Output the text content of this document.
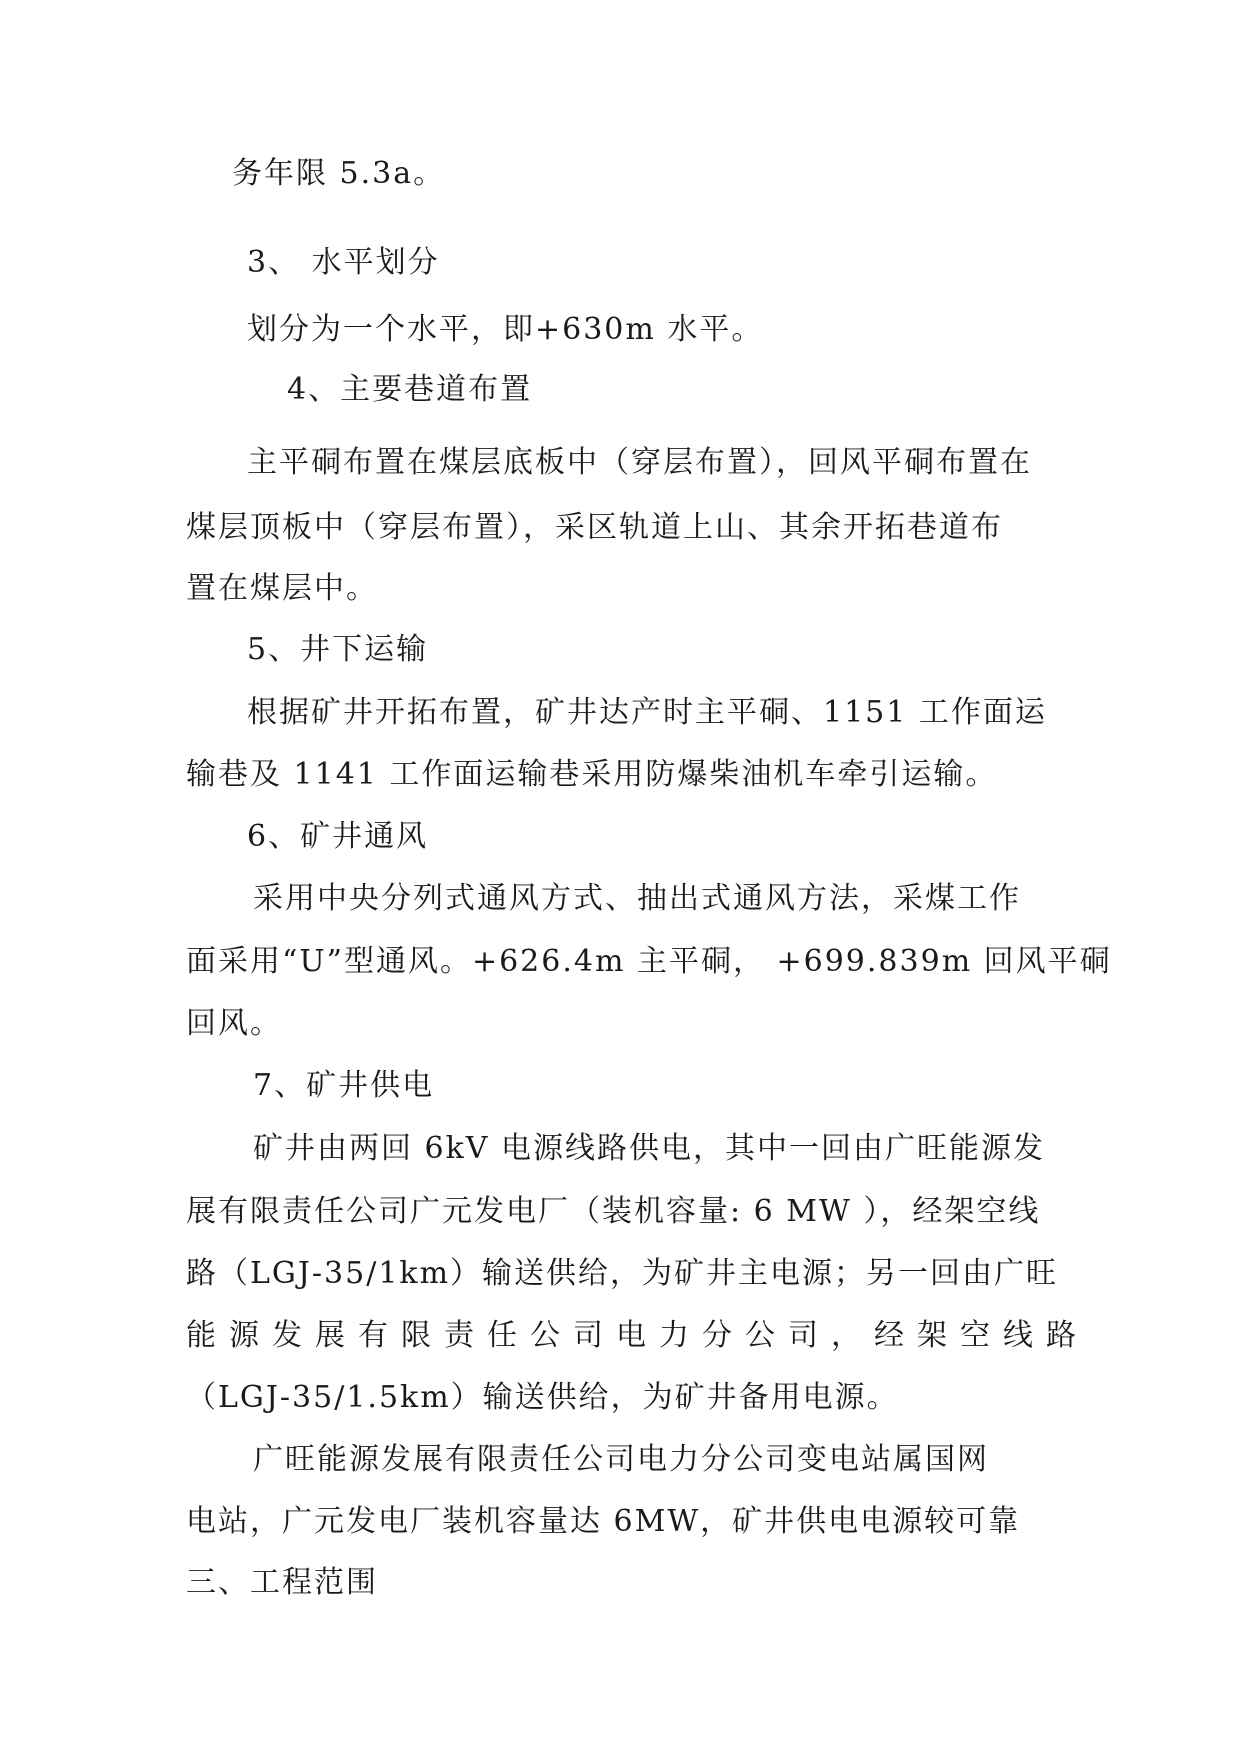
务年限 5.3a。
3、 水平划分
划分为一个水平，即+630m 水平。
4、主要巷道布置
主平硐布置在煤层底板中（穿层布置），回风平硐布置在
煤层顶板中（穿层布置），采区轨道上山、其余开拓巷道布
置在煤层中。
5、井下运输
根据矿井开拓布置，矿井达产时主平硐、1151 工作面运
输巷及 1141 工作面运输巷采用防爆柴油机车牵引运输。
6、矿井通风
采用中央分列式通风方式、抽出式通风方法，采煤工作
面采用“U”型通风。+626.4m 主平硐， +699.839m 回风平硐
回风。
7、矿井供电
矿井由两回 6kV 电源线路供电，其中一回由广旺能源发
展有限责任公司广元发电厂（装机容量: 6 MW ），经架空线
路（LGJ-35/1km）输送供给，为矿井主电源；另一回由广旺
能源发展有限责任公司电力分公司，经架空线路
（LGJ-35/1.5km）输送供给，为矿井备用电源。
广旺能源发展有限责任公司电力分公司变电站属国网
电站，广元发电厂装机容量达 6MW，矿井供电电源较可靠
三、工程范围
